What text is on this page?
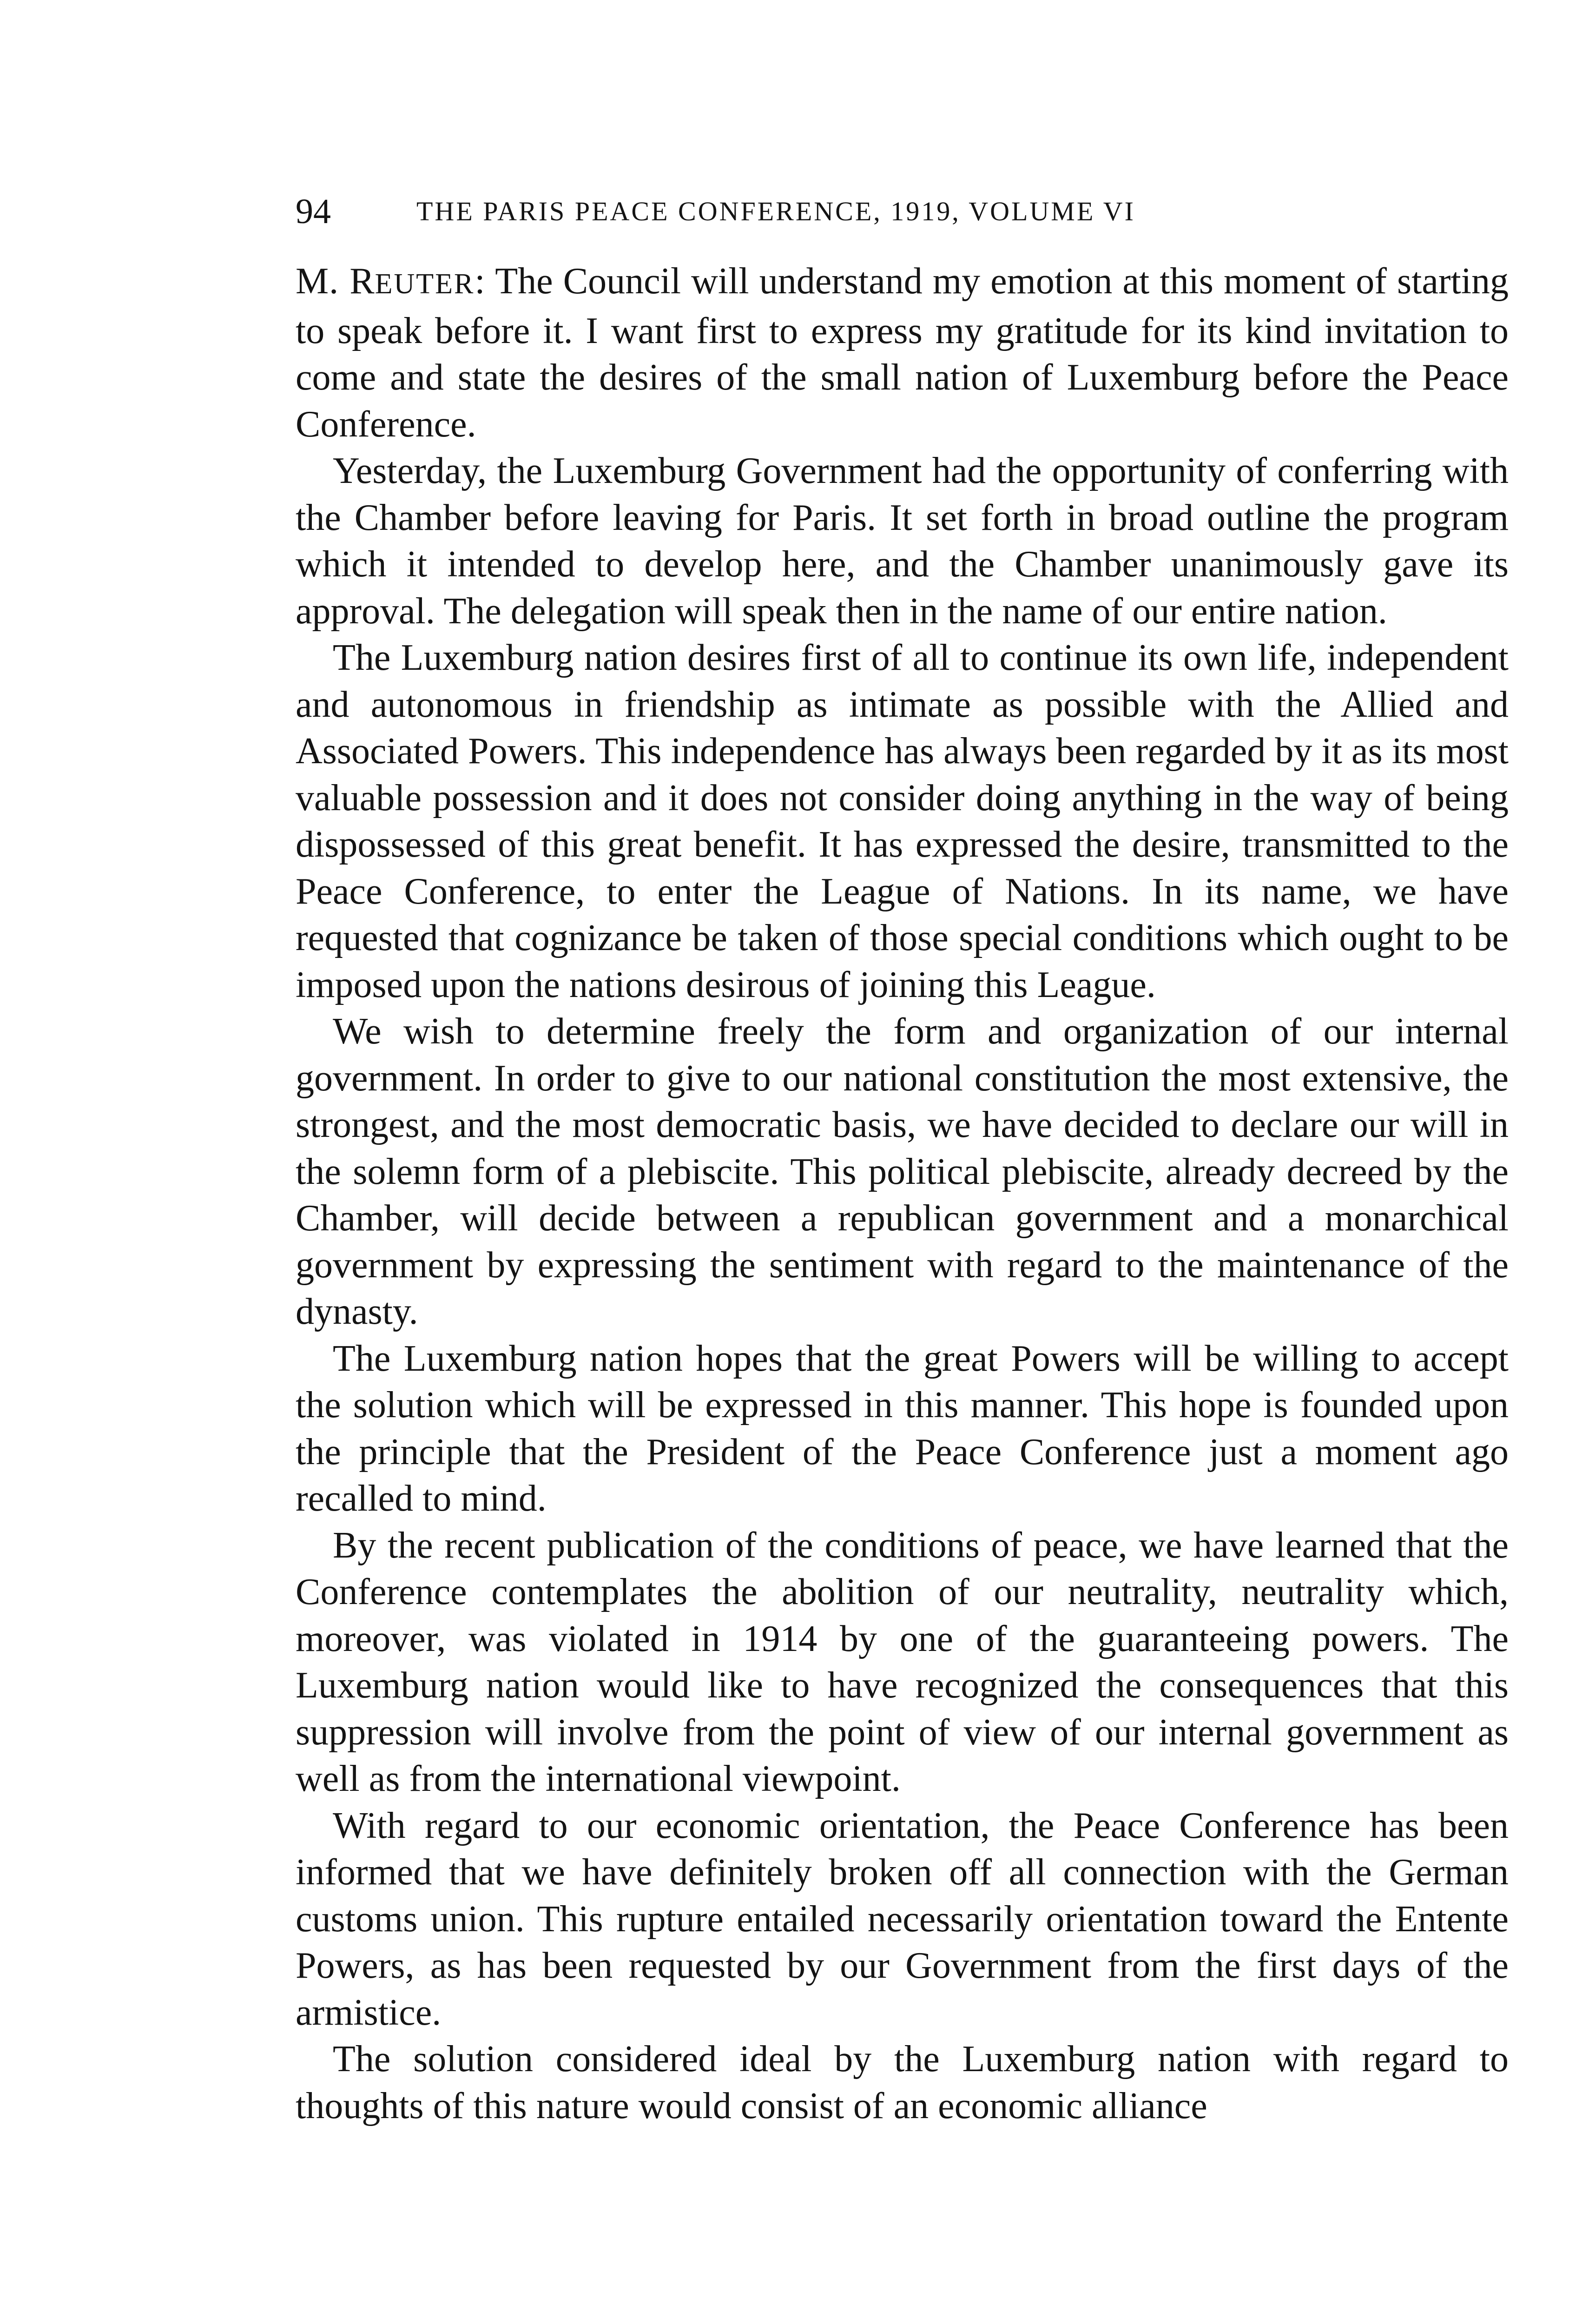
94	THE PARIS PEACE CONFERENCE, 1919, VOLUME VI

M. REUTER: The Council will understand my emotion at this moment of starting to speak before it. I want first to express my gratitude for its kind invitation to come and state the desires of the small nation of Luxemburg before the Peace Conference.

Yesterday, the Luxemburg Government had the opportunity of conferring with the Chamber before leaving for Paris. It set forth in broad outline the program which it intended to develop here, and the Chamber unanimously gave its approval. The delegation will speak then in the name of our entire nation.

The Luxemburg nation desires first of all to continue its own life, independent and autonomous in friendship as intimate as possible with the Allied and Associated Powers. This independence has always been regarded by it as its most valuable possession and it does not consider doing anything in the way of being dispossessed of this great benefit. It has expressed the desire, transmitted to the Peace Conference, to enter the League of Nations. In its name, we have requested that cognizance be taken of those special conditions which ought to be imposed upon the nations desirous of joining this League.

We wish to determine freely the form and organization of our internal government. In order to give to our national constitution the most extensive, the strongest, and the most democratic basis, we have decided to declare our will in the solemn form of a plebiscite. This political plebiscite, already decreed by the Chamber, will decide between a republican government and a monarchical government by expressing the sentiment with regard to the maintenance of the dynasty.

The Luxemburg nation hopes that the great Powers will be willing to accept the solution which will be expressed in this manner. This hope is founded upon the principle that the President of the Peace Conference just a moment ago recalled to mind.

By the recent publication of the conditions of peace, we have learned that the Conference contemplates the abolition of our neutrality, neutrality which, moreover, was violated in 1914 by one of the guaranteeing powers. The Luxemburg nation would like to have recognized the consequences that this suppression will involve from the point of view of our internal government as well as from the international viewpoint.

With regard to our economic orientation, the Peace Conference has been informed that we have definitely broken off all connection with the German customs union. This rupture entailed necessarily orientation toward the Entente Powers, as has been requested by our Government from the first days of the armistice.

The solution considered ideal by the Luxemburg nation with regard to thoughts of this nature would consist of an economic alliance
